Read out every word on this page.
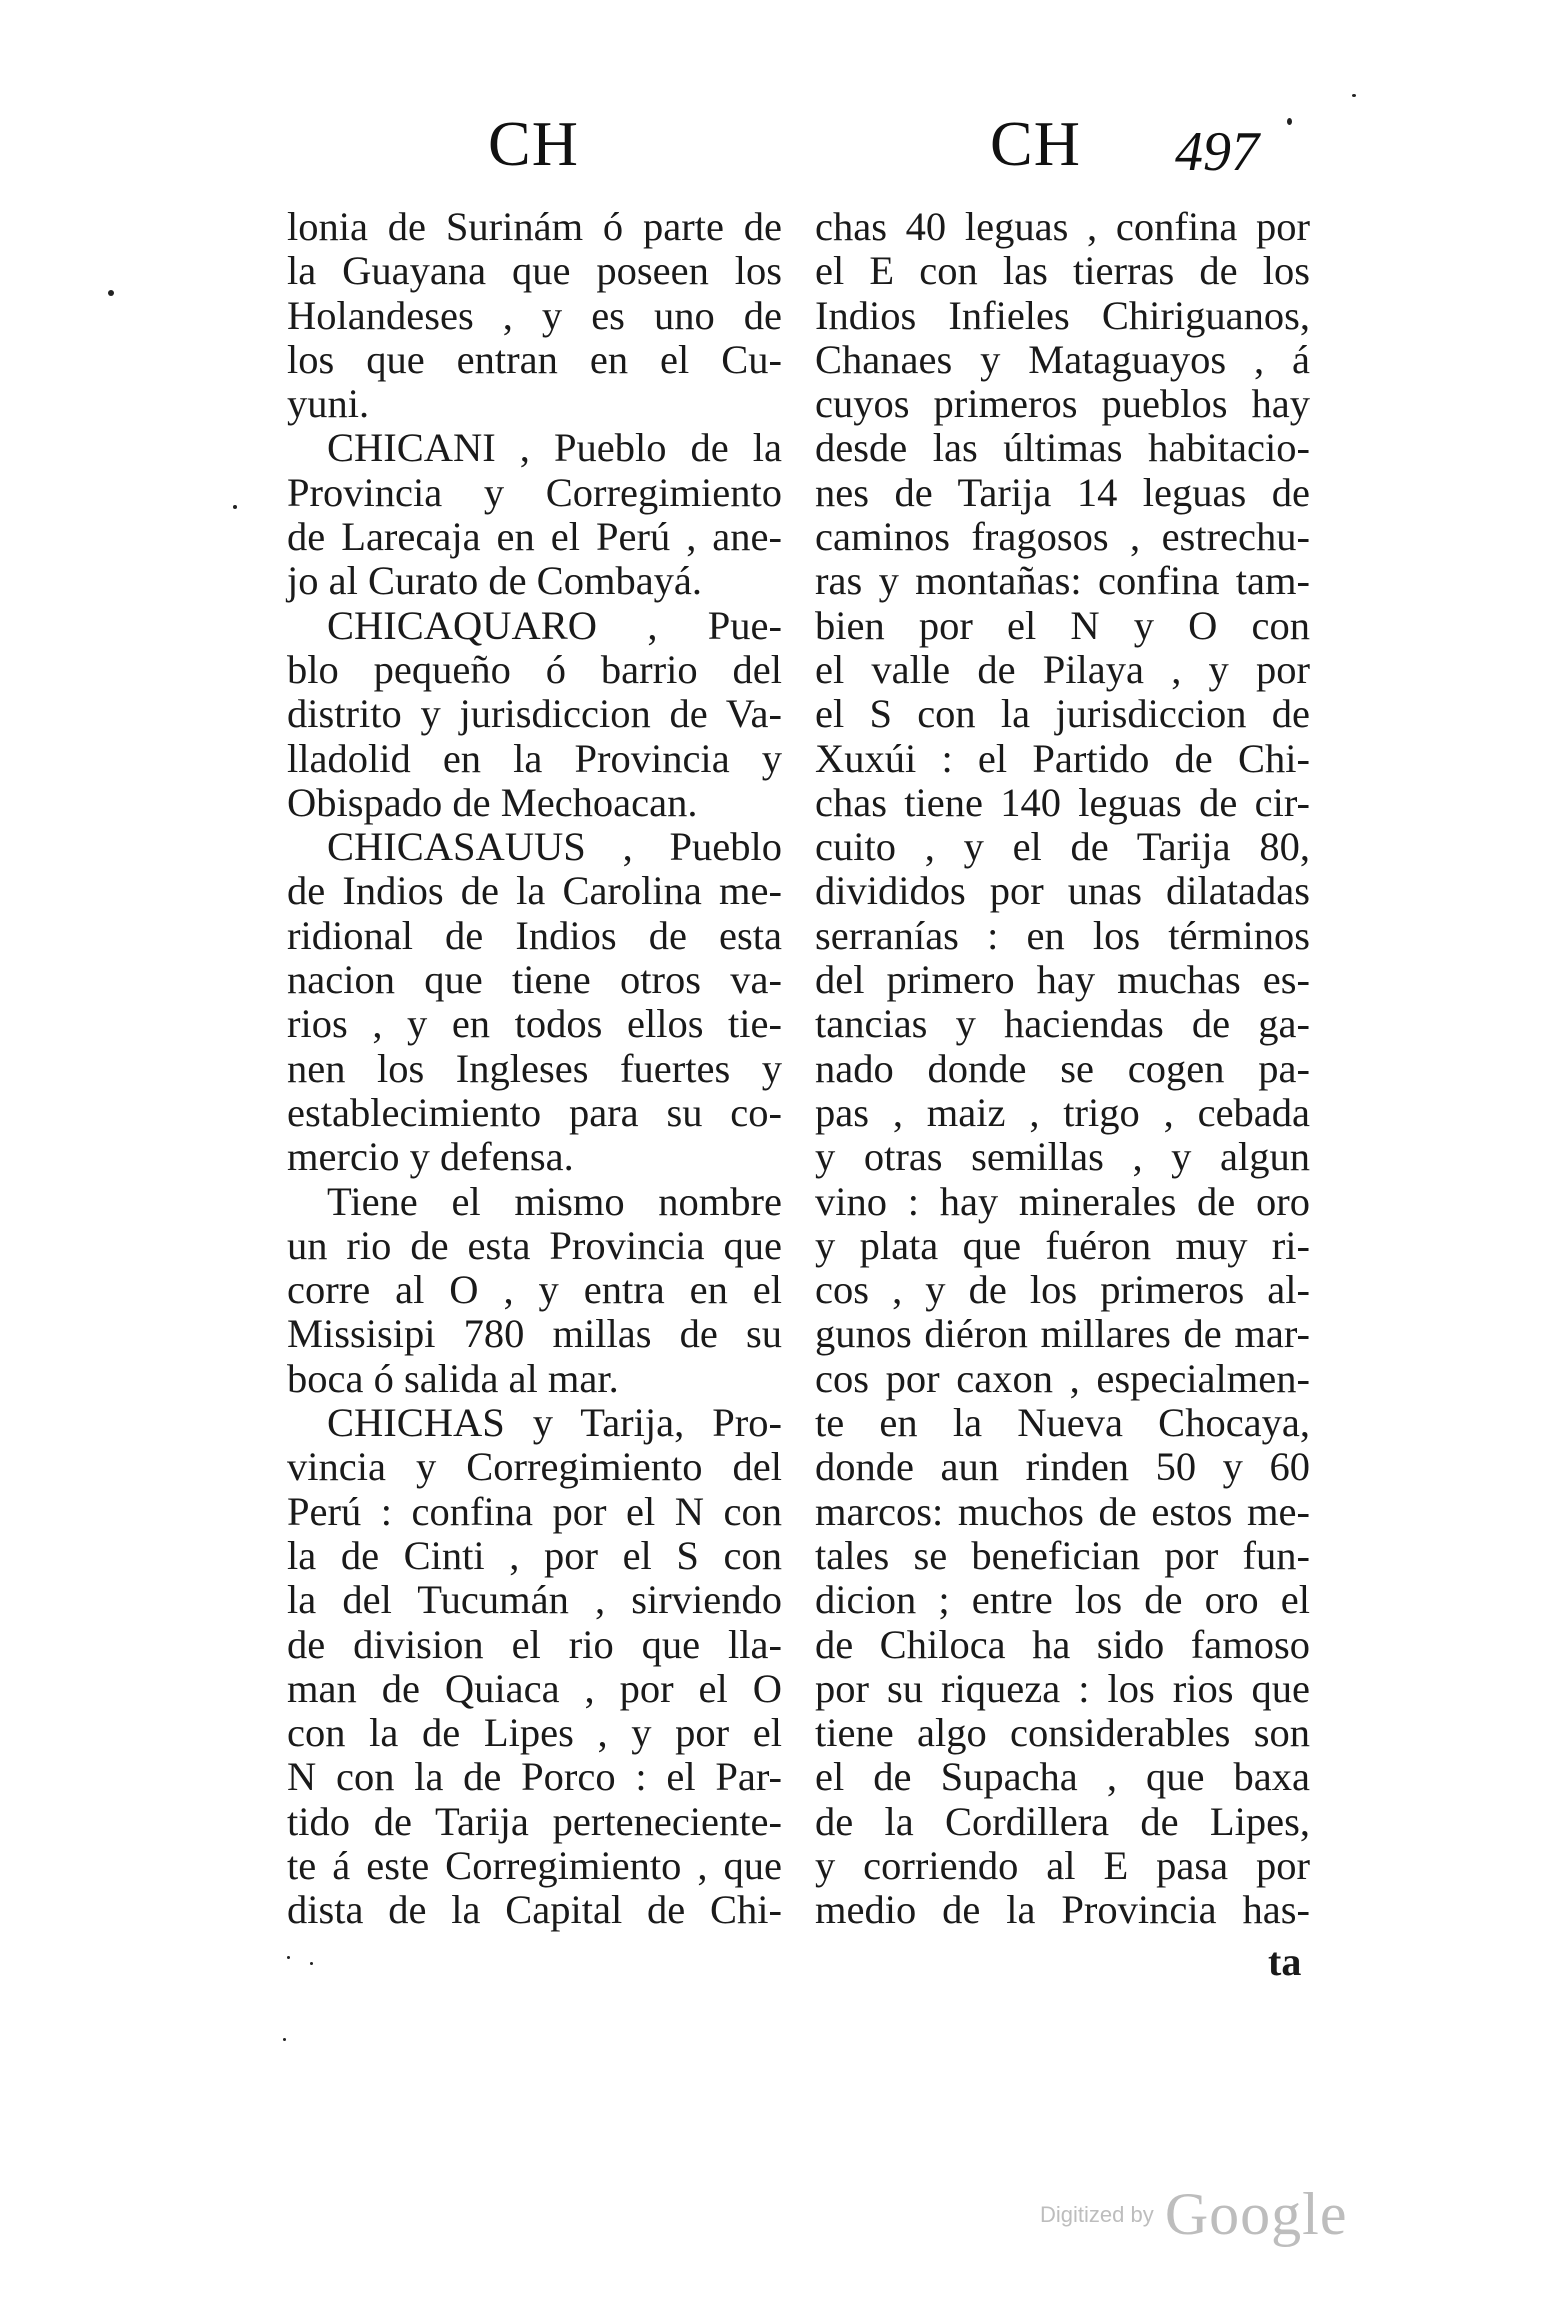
CH	CH 497
lonia de Surinám ó parte de
la Guayana que poseen los
Holandeses , y es uno de
los que entran en el Cu-
yuni.
CHICANI , Pueblo de la
Provincia y Corregimiento
de Larecaja en el Perú , ane-
jo al Curato de Combayá.
CHICAQUARO , Pue-
blo pequeño ó barrio del
distrito y jurisdiccion de Va-
lladolid en la Provincia y
Obispado de Mechoacan.
CHICASAUUS , Pueblo
de Indios de la Carolina me-
ridional de Indios de esta
nacion que tiene otros va-
rios , y en todos ellos tie-
nen los Ingleses fuertes y
establecimiento para su co-
mercio y defensa.
Tiene el mismo nombre
un rio de esta Provincia que
corre al O , y entra en el
Missisipi 780 millas de su
boca ó salida al mar.
CHICHAS y Tarija, Pro-
vincia y Corregimiento del
Perú : confina por el N con
la de Cinti , por el S con
la del Tucumán , sirviendo
de division el rio que lla-
man de Quiaca , por el O
con la de Lipes , y por el
N con la de Porco : el Par-
tido de Tarija perteneciente-
te á este Corregimiento , que
dista de la Capital de Chi-
chas 40 leguas , confina por
el E con las tierras de los
Indios Infieles Chiriguanos,
Chanaes y Mataguayos , á
cuyos primeros pueblos hay
desde las últimas habitacio-
nes de Tarija 14 leguas de
caminos fragosos , estrechu-
ras y montañas: confina tam-
bien por el N y O con
el valle de Pilaya , y por
el S con la jurisdiccion de
Xuxúi : el Partido de Chi-
chas tiene 140 leguas de cir-
cuito , y el de Tarija 80,
divididos por unas dilatadas
serranías : en los términos
del primero hay muchas es-
tancias y haciendas de ga-
nado donde se cogen pa-
pas , maiz , trigo , cebada
y otras semillas , y algun
vino : hay minerales de oro
y plata que fuéron muy ri-
cos , y de los primeros al-
gunos diéron millares de mar-
cos por caxon , especialmen-
te en la Nueva Chocaya,
donde aun rinden 50 y 60
marcos: muchos de estos me-
tales se benefician por fun-
dicion ; entre los de oro el
de Chiloca ha sido famoso
por su riqueza : los rios que
tiene algo considerables son
el de Supacha , que baxa
de la Cordillera de Lipes,
y corriendo al E pasa por
medio de la Provincia has-
ta
Digitized by Google
